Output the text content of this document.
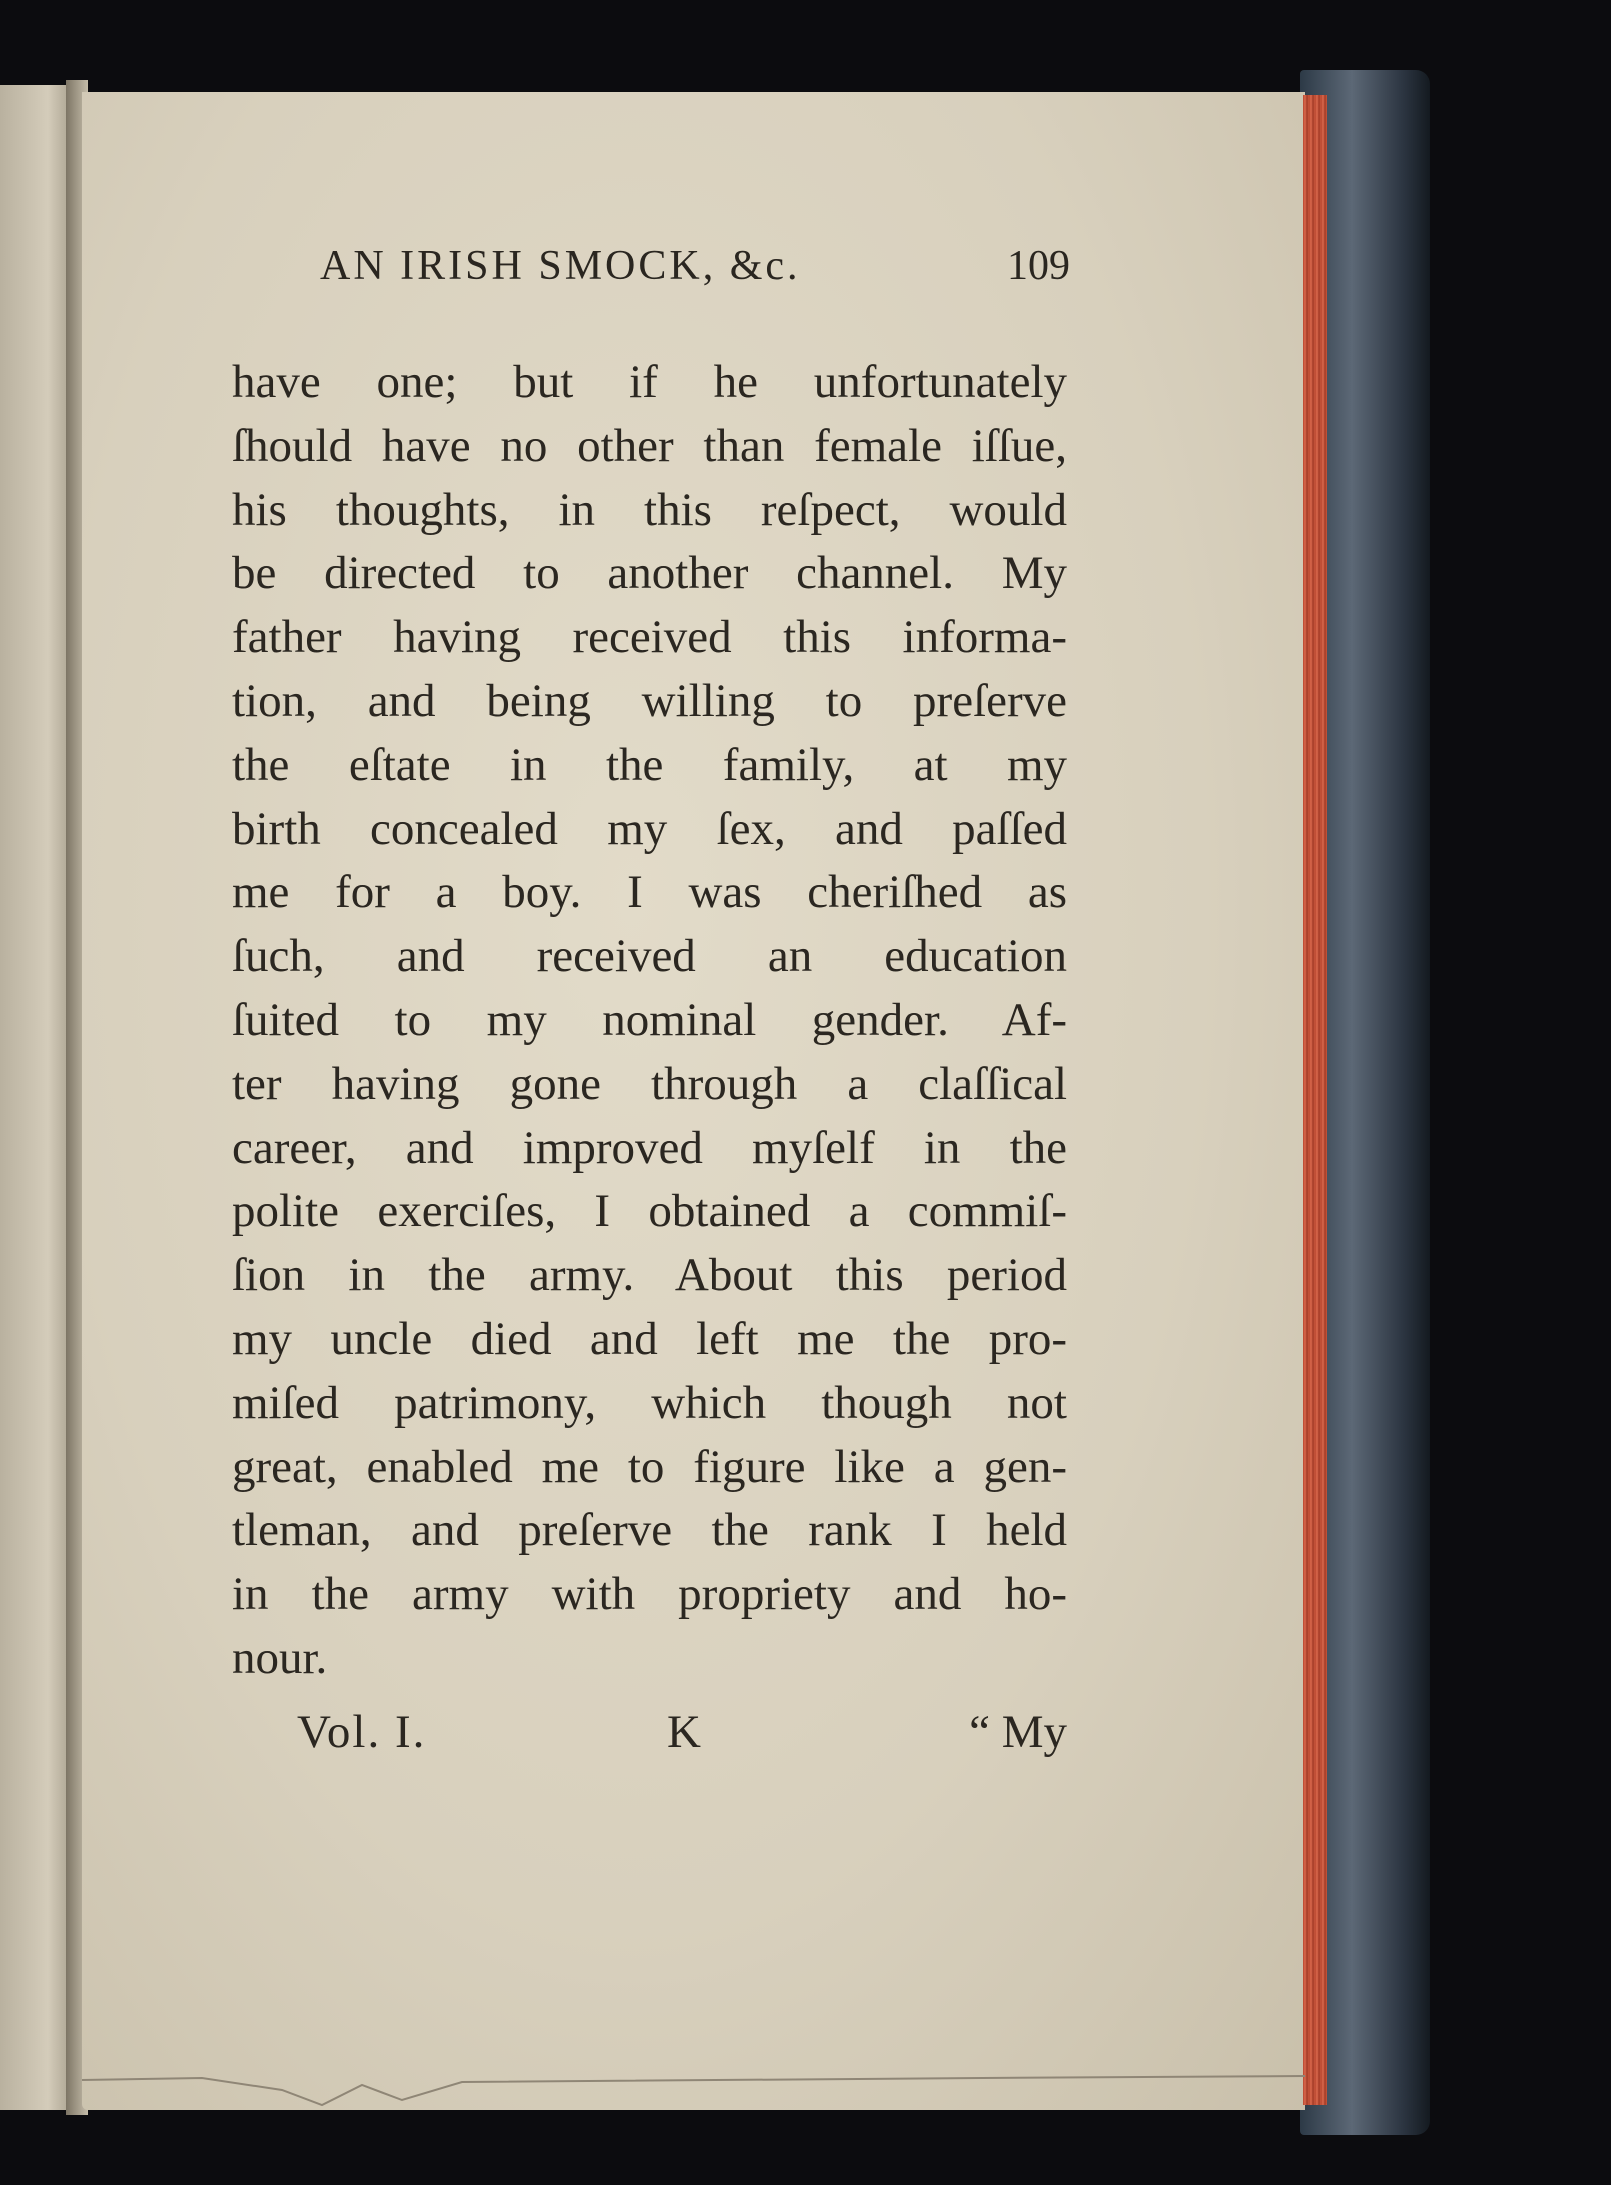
AN IRISH SMOCK, &c.	109
have one; but if he unfortunately
ſhould have no other than female iſſue,
his thoughts, in this reſpect, would
be directed to another channel. My
father having received this informa-
tion, and being willing to preſerve
the eſtate in the family, at my
birth concealed my ſex, and paſſed
me for a boy. I was cheriſhed as
ſuch, and received an education
ſuited to my nominal gender. Af-
ter having gone through a claſſical
career, and improved myſelf in the
polite exerciſes, I obtained a commiſ-
ſion in the army. About this period
my uncle died and left me the pro-
miſed patrimony, which though not
great, enabled me to figure like a gen-
tleman, and preſerve the rank I held
in the army with propriety and ho-
nour.
Vol. I.	K	“ My
